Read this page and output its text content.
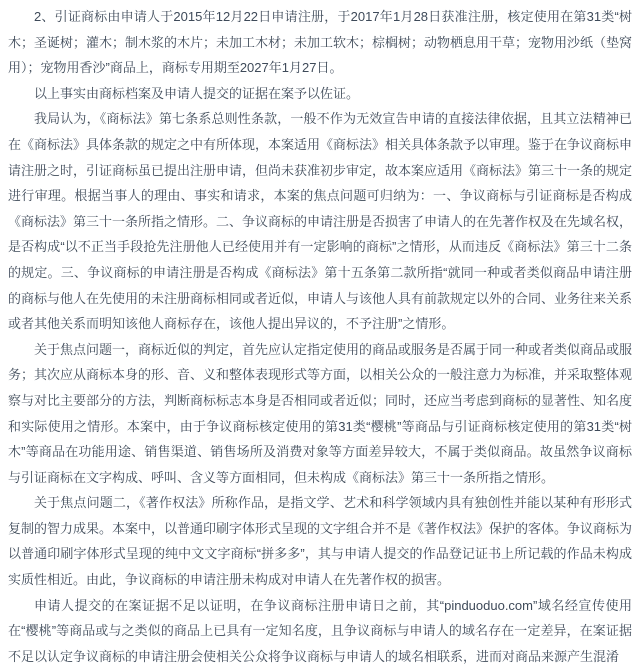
2、引证商标由申请人于2015年12月22日申请注册，于2017年1月28日获准注册，核定使用在第31类“树木；圣诞树；灌木；制木浆的木片；未加工木材；未加工软木；棕榈树；动物栖息用干草；宠物用沙纸（垫窝用）；宠物用香沙”商品上，商标专用期至2027年1月27日。

以上事实由商标档案及申请人提交的证据在案予以佐证。

我局认为，《商标法》第七条系总则性条款，一般不作为无效宣告申请的直接法律依据，且其立法精神已在《商标法》具体条款的规定之中有所体现，本案适用《商标法》相关具体条款予以审理。鉴于在争议商标申请注册之时，引证商标虽已提出注册申请，但尚未获准初步审定，故本案应适用《商标法》第三十一条的规定进行审理。根据当事人的理由、事实和请求，本案的焦点问题可归纳为：一、争议商标与引证商标是否构成《商标法》第三十一条所指之情形。二、争议商标的申请注册是否损害了申请人的在先著作权及在先域名权，是否构成“以不正当手段抢先注册他人已经使用并有一定影响的商标”之情形，从而违反《商标法》第三十二条的规定。三、争议商标的申请注册是否构成《商标法》第十五条第二款所指“就同一种或者类似商品申请注册的商标与他人在先使用的未注册商标相同或者近似，申请人与该他人具有前款规定以外的合同、业务往来关系或者其他关系而明知该他人商标存在，该他人提出异议的，不予注册”之情形。

关于焦点问题一，商标近似的判定，首先应认定指定使用的商品或服务是否属于同一种或者类似商品或服务；其次应从商标本身的形、音、义和整体表现形式等方面，以相关公众的一般注意力为标准，并采取整体观察与对比主要部分的方法，判断商标标志本身是否相同或者近似；同时，还应当考虑到商标的显著性、知名度和实际使用之情形。本案中，由于争议商标核定使用的第31类“樱桃”等商品与引证商标核定使用的第31类“树木”等商品在功能用途、销售渠道、销售场所及消费对象等方面差异较大，不属于类似商品。故虽然争议商标与引证商标在文字构成、呼叫、含义等方面相同，但未构成《商标法》第三十一条所指之情形。

关于焦点问题二，《著作权法》所称作品，是指文学、艺术和科学领域内具有独创性并能以某种有形形式复制的智力成果。本案中，以普通印刷字体形式呈现的文字组合并不是《著作权法》保护的客体。争议商标为以普通印刷字体形式呈现的纯中文文字商标“拼多多”，其与申请人提交的作品登记证书上所记载的作品未构成实质性相近。由此，争议商标的申请注册未构成对申请人在先著作权的损害。

申请人提交的在案证据不足以证明，在争议商标注册申请日之前，其“pinduoduo.com”域名经宣传使用在“樱桃”等商品或与之类似的商品上已具有一定知名度，且争议商标与申请人的域名存在一定差异，在案证据不足以认定争议商标的申请注册会使相关公众将争议商标与申请人的域名相联系，进而对商品来源产生混淆
